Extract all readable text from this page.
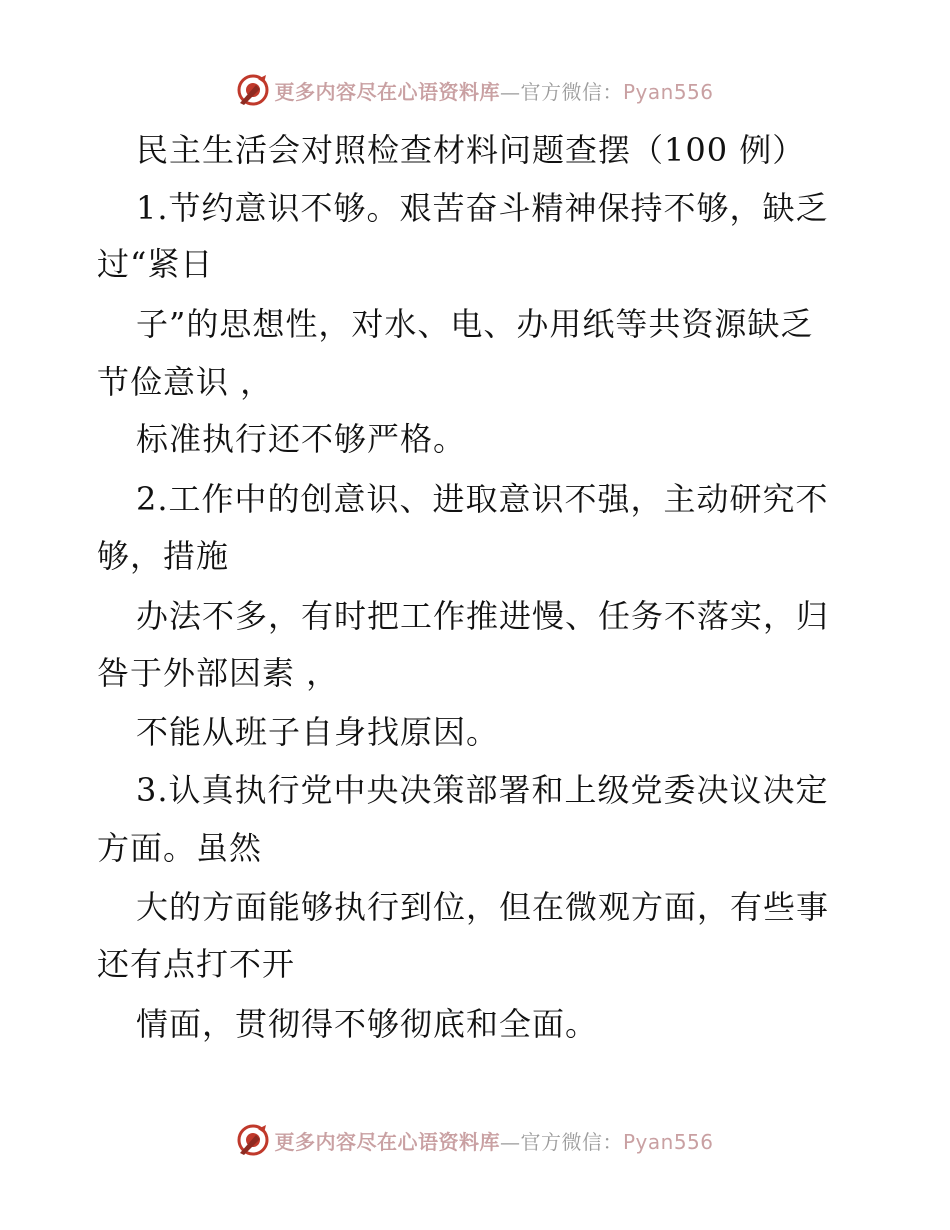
更多内容尽在心语资料库—官方微信：Pyan556
民主生活会对照检查材料问题查摆（100 例）
1.节约意识不够。艰苦奋斗精神保持不够，缺乏
过“紧日
子”的思想性，对水、电、办用纸等共资源缺乏
节俭意识 ，
标准执行还不够严格。
2.工作中的创意识、进取意识不强，主动研究不
够，措施
办法不多，有时把工作推进慢、任务不落实，归
咎于外部因素 ，
不能从班子自身找原因。
3.认真执行党中央决策部署和上级党委决议决定
方面。虽然
大的方面能够执行到位，但在微观方面，有些事
还有点打不开
情面，贯彻得不够彻底和全面。
更多内容尽在心语资料库—官方微信：Pyan556
